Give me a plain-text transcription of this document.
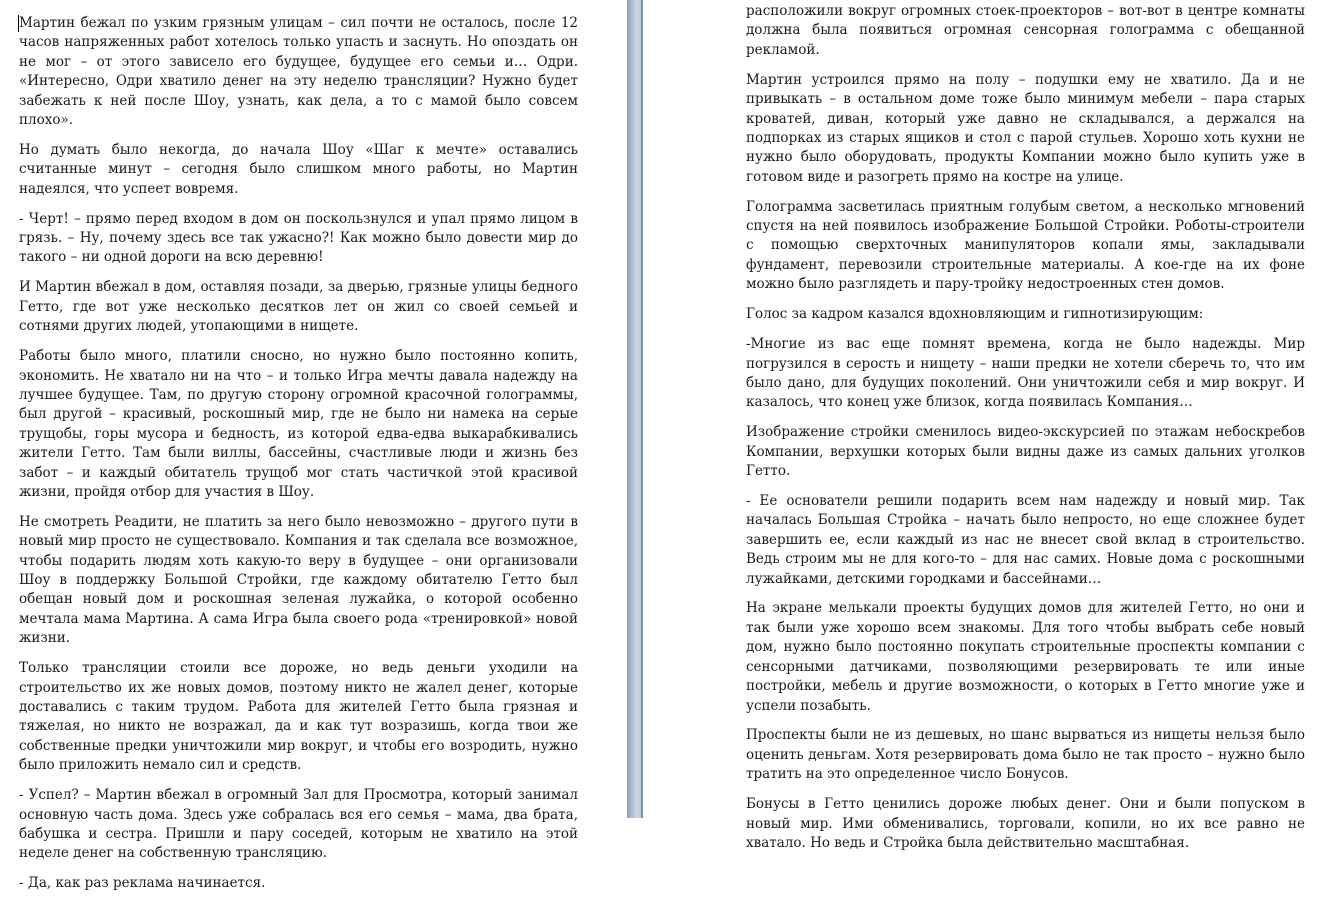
Мартин бежал по узким грязным улицам – сил почти не осталось, после 12 часов напряженных работ хотелось только упасть и заснуть. Но опоздать он не мог – от этого зависело его будущее, будущее его семьи и… Одри. «Интересно, Одри хватило денег на эту неделю трансляции? Нужно будет забежать к ней после Шоу, узнать, как дела, а то с мамой было совсем плохо».

Но думать было некогда, до начала Шоу «Шаг к мечте» оставались считанные минут – сегодня было слишком много работы, но Мартин надеялся, что успеет вовремя.

- Черт! – прямо перед входом в дом он поскользнулся и упал прямо лицом в грязь. – Ну, почему здесь все так ужасно?! Как можно было довести мир до такого – ни одной дороги на всю деревню!

И Мартин вбежал в дом, оставляя позади, за дверью, грязные улицы бедного Гетто, где вот уже несколько десятков лет он жил со своей семьей и сотнями других людей, утопающими в нищете.

Работы было много, платили сносно, но нужно было постоянно копить, экономить. Не хватало ни на что – и только Игра мечты давала надежду на лучшее будущее. Там, по другую сторону огромной красочной голограммы, был другой – красивый, роскошный мир, где не было ни намека на серые трущобы, горы мусора и бедность, из которой едва-едва выкарабкивались жители Гетто. Там были виллы, бассейны, счастливые люди и жизнь без забот – и каждый обитатель трущоб мог стать частичкой этой красивой жизни, пройдя отбор для участия в Шоу.

Не смотреть Реадити, не платить за него было невозможно – другого пути в новый мир просто не существовало. Компания и так сделала все возможное, чтобы подарить людям хоть какую-то веру в будущее – они организовали Шоу в поддержку Большой Стройки, где каждому обитателю Гетто был обещан новый дом и роскошная зеленая лужайка, о которой особенно мечтала мама Мартина. А сама Игра была своего рода «тренировкой» новой жизни.

Только трансляции стоили все дороже, но ведь деньги уходили на строительство их же новых домов, поэтому никто не жалел денег, которые доставались с таким трудом. Работа для жителей Гетто была грязная и тяжелая, но никто не возражал, да и как тут возразишь, когда твои же собственные предки уничтожили мир вокруг, и чтобы его возродить, нужно было приложить немало сил и средств.

- Успел? – Мартин вбежал в огромный Зал для Просмотра, который занимал основную часть дома. Здесь уже собралась вся его семья – мама, два брата, бабушка и сестра. Пришли и пару соседей, которым не хватило на этой неделе денег на собственную трансляцию.

- Да, как раз реклама начинается.

расположили вокруг огромных стоек-проекторов – вот-вот в центре комнаты должна была появиться огромная сенсорная голограмма с обещанной рекламой.

Мартин устроился прямо на полу – подушки ему не хватило. Да и не привыкать – в остальном доме тоже было минимум мебели – пара старых кроватей, диван, который уже давно не складывался, а держался на подпорках из старых ящиков и стол с парой стульев. Хорошо хоть кухни не нужно было оборудовать, продукты Компании можно было купить уже в готовом виде и разогреть прямо на костре на улице.

Голограмма засветилась приятным голубым светом, а несколько мгновений спустя на ней появилось изображение Большой Стройки. Роботы-строители с помощью сверхточных манипуляторов копали ямы, закладывали фундамент, перевозили строительные материалы. А кое-где на их фоне можно было разглядеть и пару-тройку недостроенных стен домов.

Голос за кадром казался вдохновляющим и гипнотизирующим:

-Многие из вас еще помнят времена, когда не было надежды. Мир погрузился в серость и нищету – наши предки не хотели сберечь то, что им было дано, для будущих поколений. Они уничтожили себя и мир вокруг. И казалось, что конец уже близок, когда появилась Компания…

Изображение стройки сменилось видео-экскурсией по этажам небоскребов Компании, верхушки которых были видны даже из самых дальних уголков Гетто.

- Ее основатели решили подарить всем нам надежду и новый мир. Так началась Большая Стройка – начать было непросто, но еще сложнее будет завершить ее, если каждый из нас не внесет свой вклад в строительство. Ведь строим мы не для кого-то – для нас самих. Новые дома с роскошными лужайками, детскими городками и бассейнами…

На экране мелькали проекты будущих домов для жителей Гетто, но они и так были уже хорошо всем знакомы. Для того чтобы выбрать себе новый дом, нужно было постоянно покупать строительные проспекты компании с сенсорными датчиками, позволяющими резервировать те или иные постройки, мебель и другие возможности, о которых в Гетто многие уже и успели позабыть.

Проспекты были не из дешевых, но шанс вырваться из нищеты нельзя было оценить деньгам. Хотя резервировать дома было не так просто – нужно было тратить на это определенное число Бонусов.

Бонусы в Гетто ценились дороже любых денег. Они и были попуском в новый мир. Ими обменивались, торговали, копили, но их все равно не хватало. Но ведь и Стройка была действительно масштабная.
